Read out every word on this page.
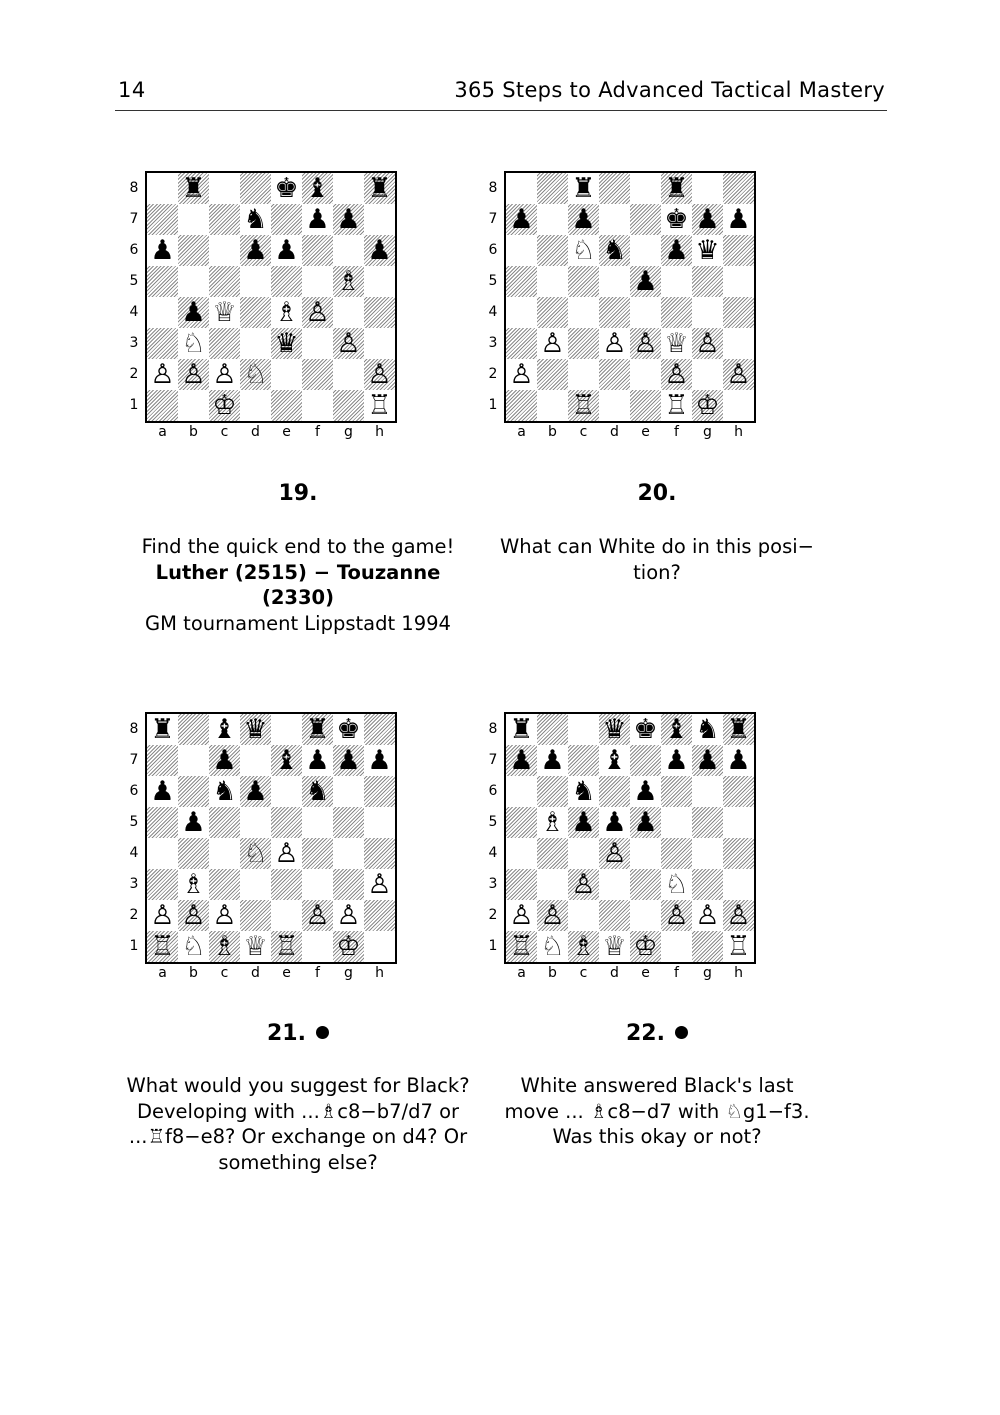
14	365 Steps to Advanced Tactical Mastery
♜	♚ ♝ ♜
♞ ♟ ♟
♟	♟ ♟	♟
♗
♟ ♕ ♗ ♙
♘	♛ ♙
♙ ♙ ♙ ♘	♙
♔	♖
8
7
6
5
4
3
2
1
a	b	c	d	e	f	g	h
19.

Find the quick end to the game!

Luther (2515) − Touzanne (2330)

GM tournament Lippstadt 1994

♜	♜
♟ ♟	♚ ♟ ♟
♘ ♞ ♟ ♛
♟
♙ ♙ ♙ ♕ ♙
♙	♙ ♙
♖	♖ ♔
8
7
6
5
4
3
2
1
a	b	c	d	e	f	g	h
20.

What can White do in this posi−

tion?

♜ ♝ ♛ ♜ ♚
♟ ♝ ♟ ♟ ♟
♟ ♞ ♟ ♞
♟
♘ ♙
♗	♙
♙ ♙ ♙	♙ ♙
♖ ♘ ♗ ♕ ♖ ♔
8
7
6
5
4
3
2
1
a	b	c	d	e	f	g	h
21.

What would you suggest for Black?

Developing with ...♗c8−b7/d7 or

...♖f8−e8? Or exchange on d4? Or

something else?

♜	♛ ♚ ♝ ♞ ♜
♟ ♟ ♝ ♟ ♟ ♟
♞ ♟
♗ ♟ ♟ ♟
♙
♙	♘
♙ ♙	♙ ♙ ♙
♖ ♘ ♗ ♕ ♔	♖
8
7
6
5
4
3
2
1
a	b	c	d	e	f	g	h
22.

White answered Black's last

move ... ♗c8−d7 with ♘g1−f3.

Was this okay or not?
